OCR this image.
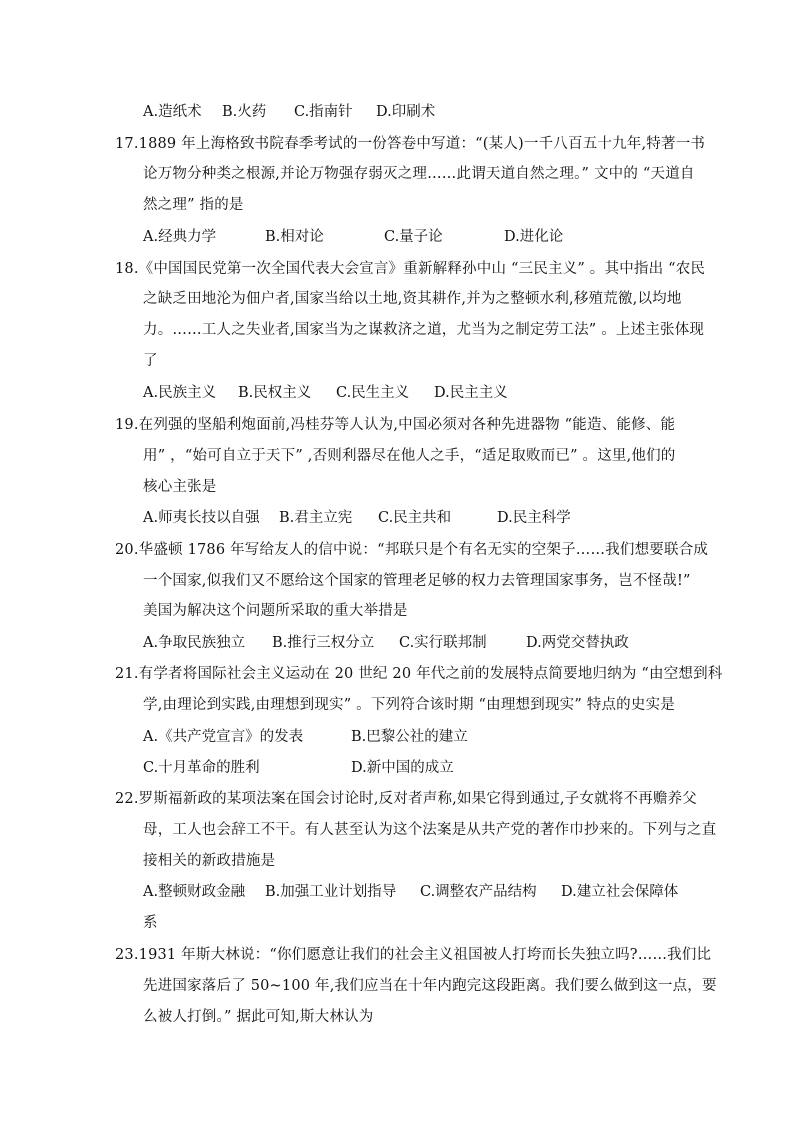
A.造纸术 B.火药 C.指南针 D.印刷术
17.1889 年上海格致书院春季考试的一份答卷中写道：“(某人)一千八百五十九年,特著一书
论万物分种类之根源,并论万物强存弱灭之理……此谓天道自然之理。” 文中的 “天道自
然之理” 指的是
A.经典力学	B.相对论	C.量子论	D.进化论
18.《中国国民党第一次全国代表大会宣言》重新解释孙中山 “三民主义” 。其中指出 “农民
之缺乏田地沦为佃户者,国家当给以土地,资其耕作,并为之整顿水利,移殖荒徼,以均地
力。……工人之失业者,国家当为之谋救济之道，尤当为之制定劳工法” 。上述主张体现
了
A.民族主义 B.民权主义 C.民生主义 D.民主主义
19.在列强的坚船利炮面前,冯桂芬等人认为,中国必须对各种先进器物 “能造、能修、能
用” ，“始可自立于天下” ,否则利器尽在他人之手，“适足取败而已” 。这里,他们的
核心主张是
A.师夷长技以自强 B.君主立宪 C.民主共和	D.民主科学
20.华盛顿 1786 年写给友人的信中说：“邦联只是个有名无实的空架子……我们想要联合成
一个国家,似我们又不愿给这个国家的管理老足够的权力去管理国家事务，岂不怪哉!”
美国为解决这个问题所采取的重大举措是
A.争取民族独立 B.推行三权分立 C.实行联邦制	D.两党交替执政
21.有学者将国际社会主义运动在 20 世纪 20 年代之前的发展特点简要地归纳为 “由空想到科
学,由理论到实践,由理想到现实” 。下列符合该时期 “由理想到现实” 特点的史实是
A.《共产党宣言》的发表	B.巴黎公社的建立
C.十月革命的胜利	D.新中国的成立
22.罗斯福新政的某项法案在国会讨论时,反对者声称,如果它得到通过,子女就将不再赡养父
母，工人也会辞工不干。有人甚至认为这个法案是从共产党的著作巾抄来的。下列与之直
接相关的新政措施是
A.整顿财政金融 B.加强工业计划指导 C.调整农产品结构 D.建立社会保障体
系
23.1931 年斯大林说：“你们愿意让我们的社会主义祖国被人打垮而长失独立吗?……我们比
先进国家落后了 50~100 年,我们应当在十年内跑完这段距离。我们要么做到这一点，要
么被人打倒。” 据此可知,斯大林认为
